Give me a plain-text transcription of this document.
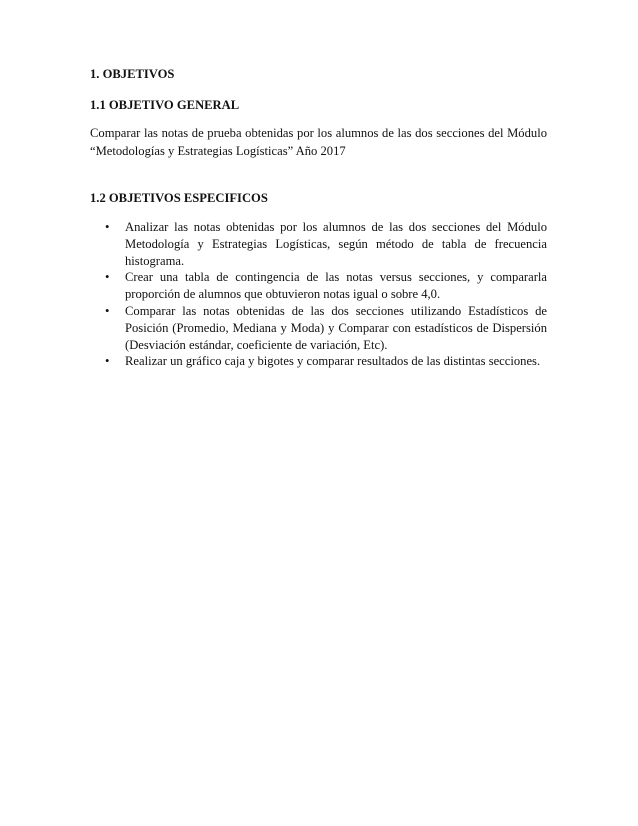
1. OBJETIVOS
1.1 OBJETIVO GENERAL

Comparar las notas de prueba obtenidas por los alumnos de las dos secciones del Módulo “Metodologías y Estrategias Logísticas” Año 2017

1.2 OBJETIVOS ESPECIFICOS
• Analizar las notas obtenidas por los alumnos de las dos secciones del Módulo Metodología y Estrategias Logísticas, según método de tabla de frecuencia histograma.
• Crear una tabla de contingencia de las notas versus secciones, y compararla proporción de alumnos que obtuvieron notas igual o sobre 4,0.
• Comparar las notas obtenidas de las dos secciones utilizando Estadísticos de Posición (Promedio, Mediana y Moda) y Comparar con estadísticos de Dispersión (Desviación estándar, coeficiente de variación, Etc).
• Realizar un gráfico caja y bigotes y comparar resultados de las distintas secciones.
